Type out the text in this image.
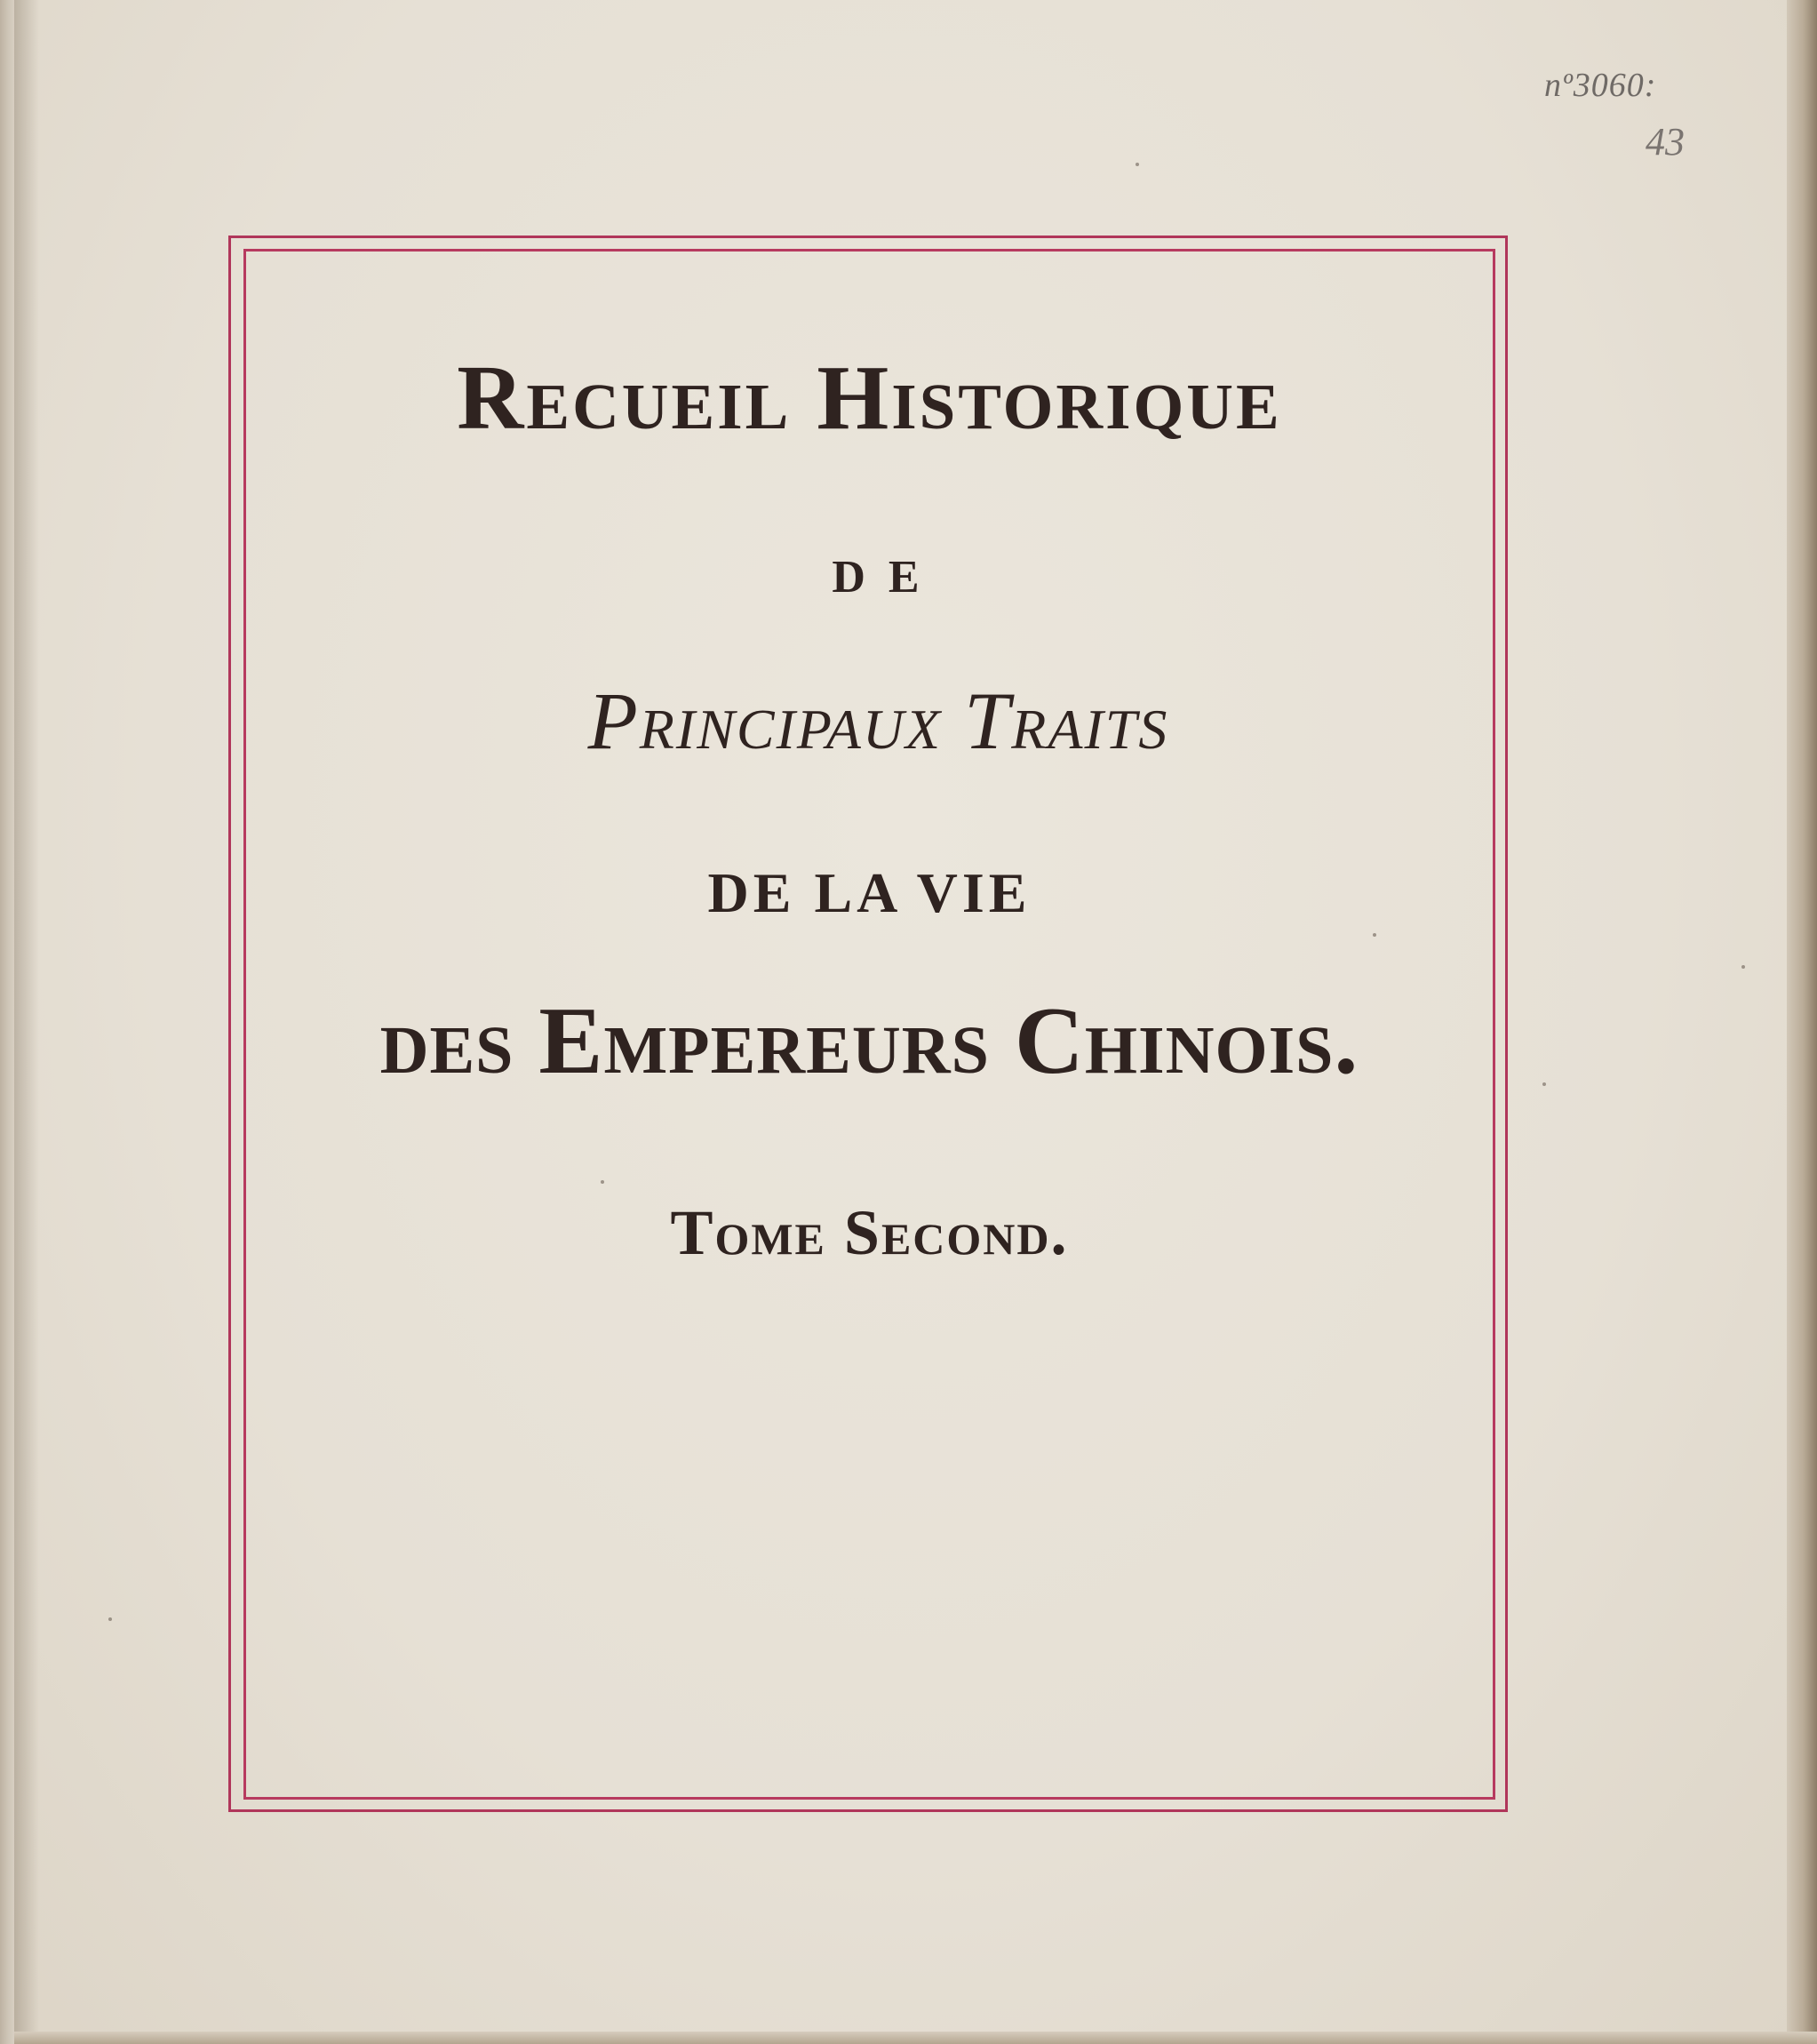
nº3060:
43
Recueil Historique
DE
Principaux Traits
DE LA VIE
des Empereurs Chinois.
Tome Second.
